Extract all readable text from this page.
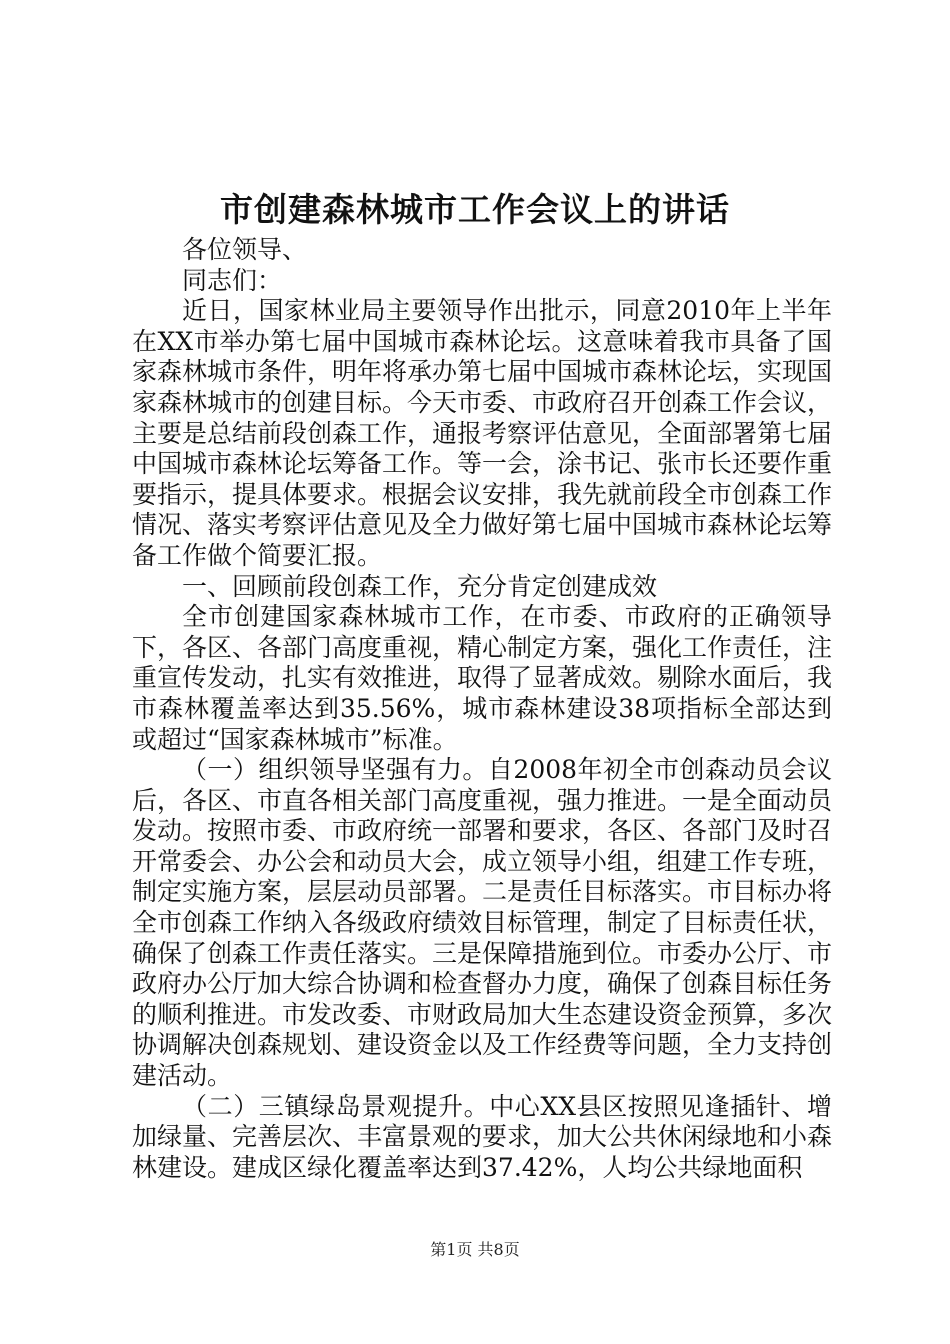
市创建森林城市工作会议上的讲话

各位领导、

同志们：

近日，国家林业局主要领导作出批示，同意2010年上半年在XX市举办第七届中国城市森林论坛。这意味着我市具备了国家森林城市条件，明年将承办第七届中国城市森林论坛，实现国家森林城市的创建目标。今天市委、市政府召开创森工作会议，主要是总结前段创森工作，通报考察评估意见，全面部署第七届中国城市森林论坛筹备工作。等一会，涂书记、张市长还要作重要指示，提具体要求。根据会议安排，我先就前段全市创森工作情况、落实考察评估意见及全力做好第七届中国城市森林论坛筹备工作做个简要汇报。

一、回顾前段创森工作，充分肯定创建成效

全市创建国家森林城市工作，在市委、市政府的正确领导下，各区、各部门高度重视，精心制定方案，强化工作责任，注重宣传发动，扎实有效推进，取得了显著成效。剔除水面后，我市森林覆盖率达到35.56%，城市森林建设38项指标全部达到或超过“国家森林城市”标准。

（一）组织领导坚强有力。自2008年初全市创森动员会议后，各区、市直各相关部门高度重视，强力推进。一是全面动员发动。按照市委、市政府统一部署和要求，各区、各部门及时召开常委会、办公会和动员大会，成立领导小组，组建工作专班，制定实施方案，层层动员部署。二是责任目标落实。市目标办将全市创森工作纳入各级政府绩效目标管理，制定了目标责任状，确保了创森工作责任落实。三是保障措施到位。市委办公厅、市政府办公厅加大综合协调和检查督办力度，确保了创森目标任务的顺利推进。市发改委、市财政局加大生态建设资金预算，多次协调解决创森规划、建设资金以及工作经费等问题，全力支持创建活动。

（二）三镇绿岛景观提升。中心XX县区按照见逢插针、增加绿量、完善层次、丰富景观的要求，加大公共休闲绿地和小森林建设。建成区绿化覆盖率达到37.42%，人均公共绿地面积

第1页 共8页
